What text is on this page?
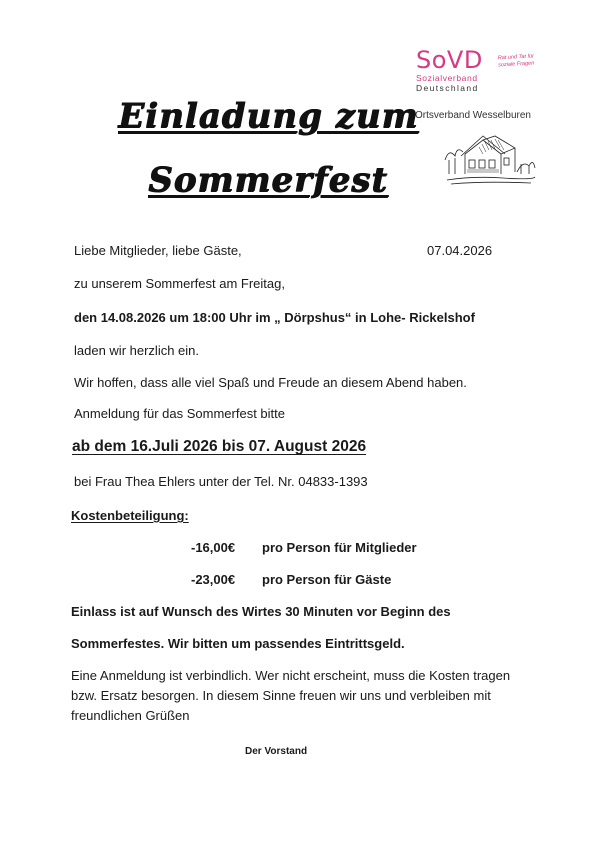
SoVD
Sozialverband
Deutschland
Rat und Tat für soziale Fragen
Ortsverband Wesselburen
Einladung zum
Sommerfest
Liebe Mitglieder, liebe Gäste,	07.04.2026
zu unserem Sommerfest am Freitag,
den 14.08.2026 um 18:00 Uhr im „ Dörpshus“ in Lohe- Rickelshof
laden wir herzlich ein.
Wir hoffen, dass alle viel Spaß und Freude an diesem Abend haben.
Anmeldung für das Sommerfest bitte
ab dem 16.Juli 2026 bis 07. August 2026
bei Frau Thea Ehlers unter der Tel. Nr. 04833-1393
Kostenbeteiligung:
-16,00€ pro Person für Mitglieder
-23,00€ pro Person für Gäste
Einlass ist auf Wunsch des Wirtes 30 Minuten vor Beginn des
Sommerfestes. Wir bitten um passendes Eintrittsgeld.
Eine Anmeldung ist verbindlich. Wer nicht erscheint, muss die Kosten tragen bzw. Ersatz besorgen. In diesem Sinne freuen wir uns und verbleiben mit freundlichen Grüßen
Der Vorstand
